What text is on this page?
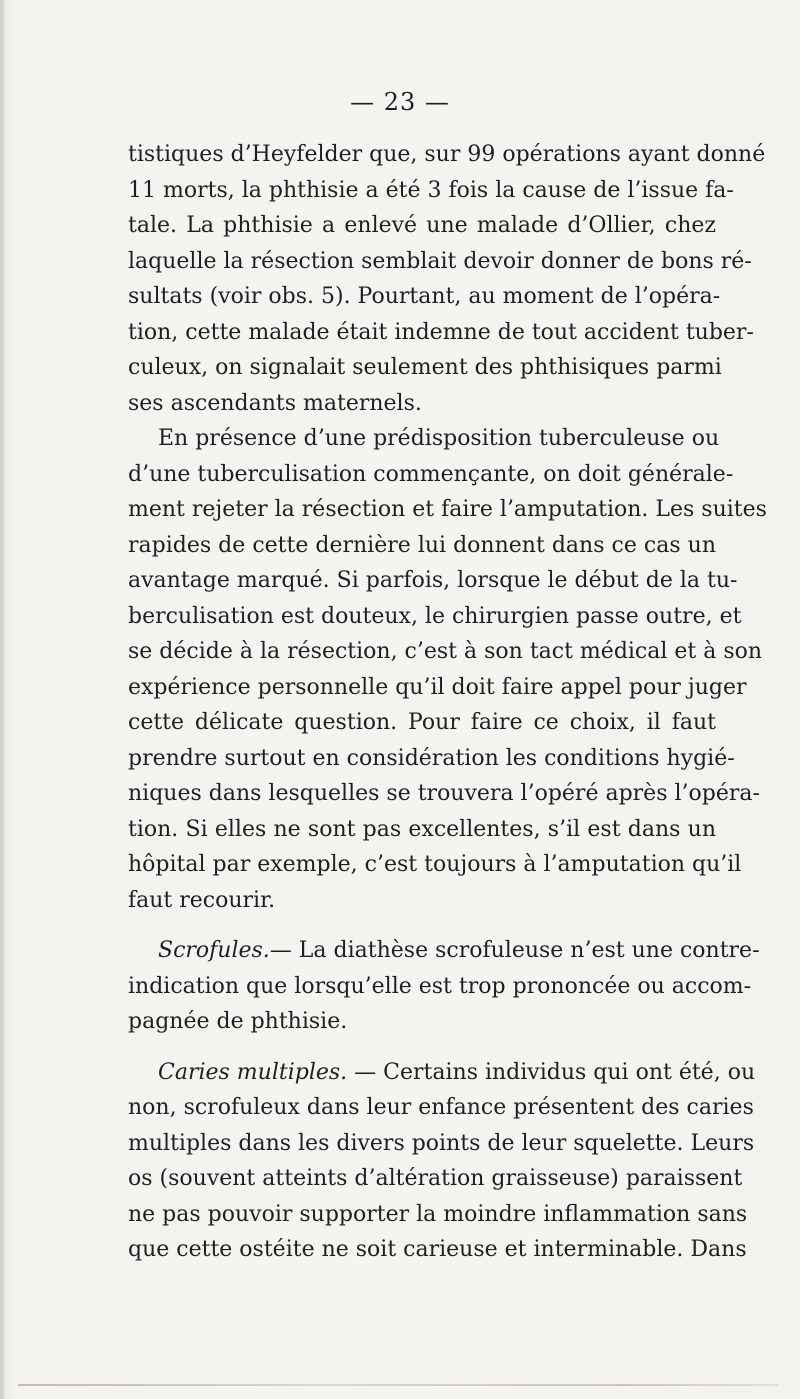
— 23 —
tistiques d’Heyfelder que, sur 99 opérations ayant donné
11 morts, la phthisie a été 3 fois la cause de l’issue fa-
tale. La phthisie a enlevé une malade d’Ollier, chez
laquelle la résection semblait devoir donner de bons ré-
sultats (voir obs. 5). Pourtant, au moment de l’opéra-
tion, cette malade était indemne de tout accident tuber-
culeux, on signalait seulement des phthisiques parmi
ses ascendants maternels.
En présence d’une prédisposition tuberculeuse ou
d’une tuberculisation commençante, on doit générale-
ment rejeter la résection et faire l’amputation. Les suites
rapides de cette dernière lui donnent dans ce cas un
avantage marqué. Si parfois, lorsque le début de la tu-
berculisation est douteux, le chirurgien passe outre, et
se décide à la résection, c’est à son tact médical et à son
expérience personnelle qu’il doit faire appel pour juger
cette délicate question. Pour faire ce choix, il faut
prendre surtout en considération les conditions hygié-
niques dans lesquelles se trouvera l’opéré après l’opéra-
tion. Si elles ne sont pas excellentes, s’il est dans un
hôpital par exemple, c’est toujours à l’amputation qu’il
faut recourir.
Scrofules.— La diathèse scrofuleuse n’est une contre-
indication que lorsqu’elle est trop prononcée ou accom-
pagnée de phthisie.
Caries multiples. — Certains individus qui ont été, ou
non, scrofuleux dans leur enfance présentent des caries
multiples dans les divers points de leur squelette. Leurs
os (souvent atteints d’altération graisseuse) paraissent
ne pas pouvoir supporter la moindre inflammation sans
que cette ostéite ne soit carieuse et interminable. Dans
